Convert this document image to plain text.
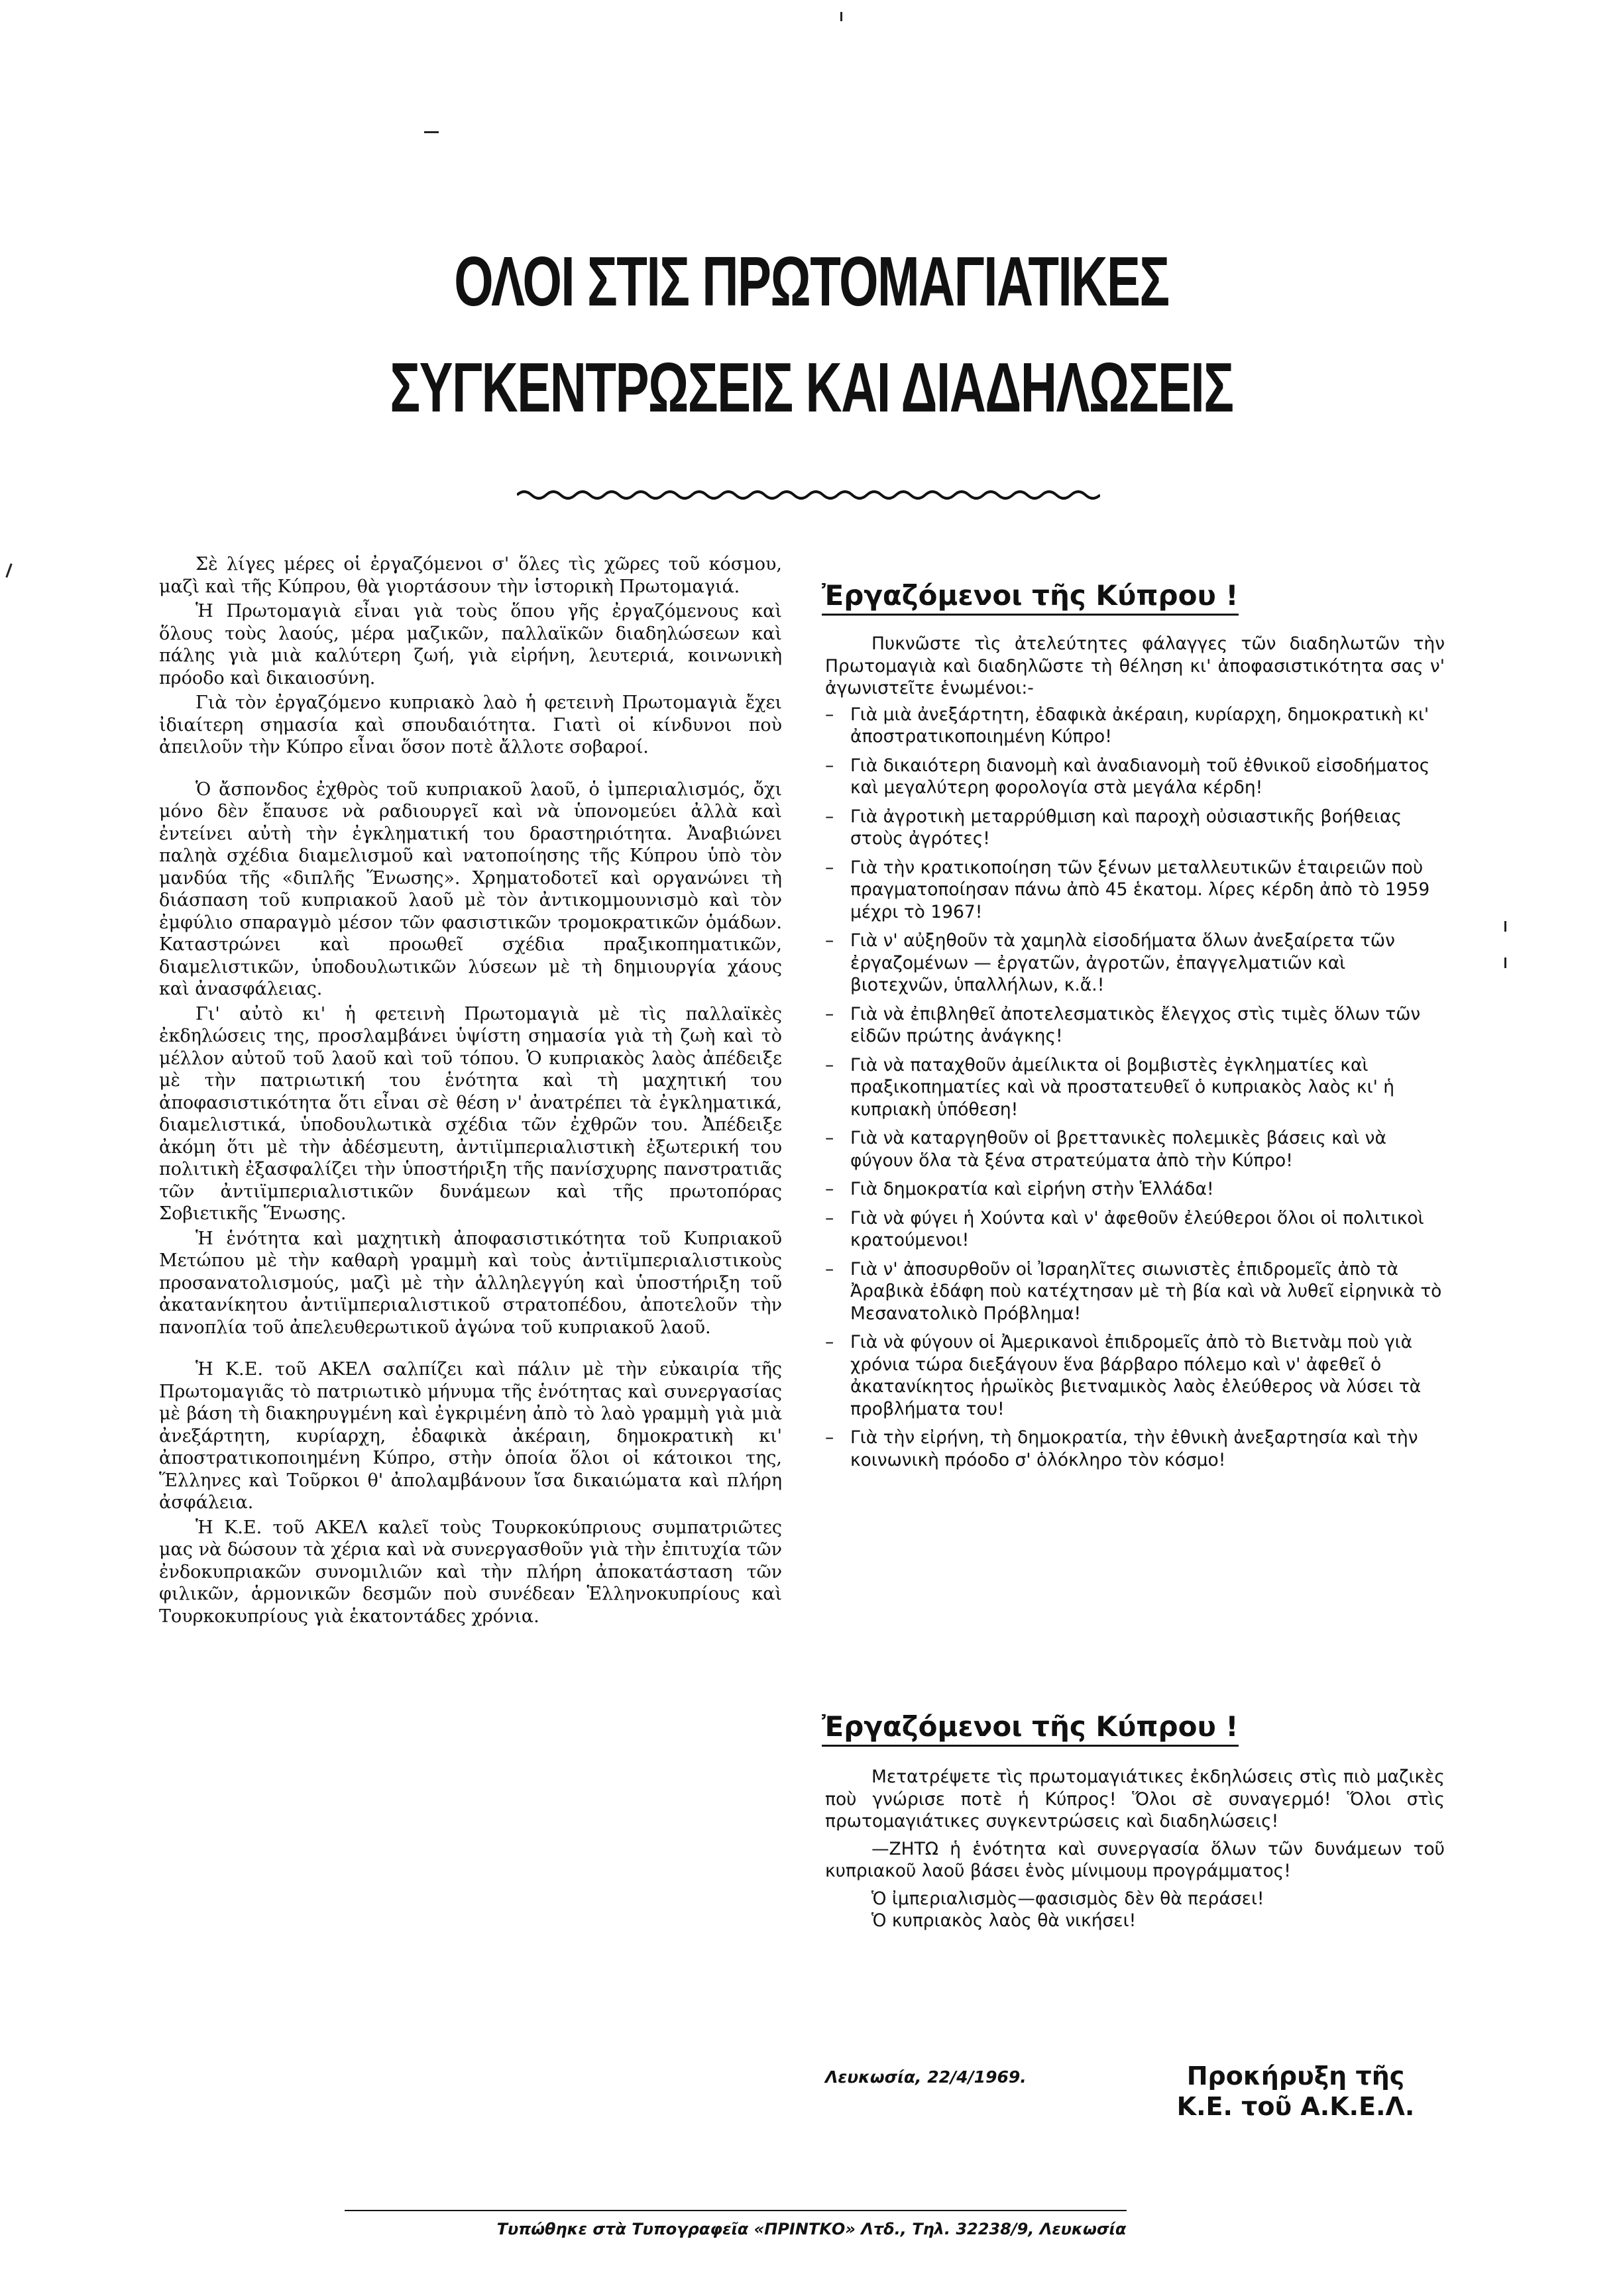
ΟΛΟΙ ΣΤΙΣ ΠΡΩΤΟΜΑΓΙΑΤΙΚΕΣ
ΣΥΓΚΕΝΤΡΩΣΕΙΣ ΚΑΙ ΔΙΑΔΗΛΩΣΕΙΣ

Σὲ λίγες μέρες οἱ ἐργαζόμενοι σ' ὅλες τὶς χῶρες τοῦ κόσμου, μαζὶ καὶ τῆς Κύπρου, θὰ γιορτάσουν τὴν ἱστορικὴ Πρωτομαγιά.

Ἡ Πρωτομαγιὰ εἶναι γιὰ τοὺς ὅπου γῆς ἐργαζόμενους καὶ ὅλους τοὺς λαούς, μέρα μαζικῶν, παλλαϊκῶν διαδηλώσεων καὶ πάλης γιὰ μιὰ καλύτερη ζωή, γιὰ εἰρήνη, λευτεριά, κοινωνικὴ πρόοδο καὶ δικαιοσύνη.

Γιὰ τὸν ἐργαζόμενο κυπριακὸ λαὸ ἡ φετεινὴ Πρωτομαγιὰ ἔχει ἰδιαίτερη σημασία καὶ σπουδαιότητα. Γιατὶ οἱ κίνδυνοι ποὺ ἀπειλοῦν τὴν Κύπρο εἶναι ὅσον ποτὲ ἄλλοτε σοβαροί.

Ὁ ἄσπονδος ἐχθρὸς τοῦ κυπριακοῦ λαοῦ, ὁ ἰμπεριαλισμός, ὄχι μόνο δὲν ἔπαυσε νὰ ραδιουργεῖ καὶ νὰ ὑπονομεύει ἀλλὰ καὶ ἐντείνει αὐτὴ τὴν ἐγκληματική του δραστηριότητα. Ἀναβιώνει παληὰ σχέδια διαμελισμοῦ καὶ νατοποίησης τῆς Κύπρου ὑπὸ τὸν μανδύα τῆς «διπλῆς Ἕνωσης». Χρηματοδοτεῖ καὶ οργανώνει τὴ διάσπαση τοῦ κυπριακοῦ λαοῦ μὲ τὸν ἀντικομμουνισμὸ καὶ τὸν ἐμφύλιο σπαραγμὸ μέσον τῶν φασιστικῶν τρομοκρατικῶν ὁμάδων. Καταστρώνει καὶ προωθεῖ σχέδια πραξικοπηματικῶν, διαμελιστικῶν, ὑποδουλωτικῶν λύσεων μὲ τὴ δημιουργία χάους καὶ ἀνασφάλειας.

Γι' αὐτὸ κι' ἡ φετεινὴ Πρωτομαγιὰ μὲ τὶς παλλαϊκὲς ἐκδηλώσεις της, προσλαμβάνει ὑψίστη σημασία γιὰ τὴ ζωὴ καὶ τὸ μέλλον αὐτοῦ τοῦ λαοῦ καὶ τοῦ τόπου. Ὁ κυπριακὸς λαὸς ἀπέδειξε μὲ τὴν πατριωτική του ἑνότητα καὶ τὴ μαχητική του ἀποφασιστικότητα ὅτι εἶναι σὲ θέση ν' ἀνατρέπει τὰ ἐγκληματικά, διαμελιστικά, ὑποδουλωτικὰ σχέδια τῶν ἐχθρῶν του. Ἀπέδειξε ἀκόμη ὅτι μὲ τὴν ἀδέσμευτη, ἀντιϊμπεριαλιστικὴ ἐξωτερική του πολιτικὴ ἐξασφαλίζει τὴν ὑποστήριξη τῆς πανίσχυρης πανστρατιᾶς τῶν ἀντιϊμπεριαλιστικῶν δυνάμεων καὶ τῆς πρωτοπόρας Σοβιετικῆς Ἕνωσης.

Ἡ ἑνότητα καὶ μαχητικὴ ἀποφασιστικότητα τοῦ Κυπριακοῦ Μετώπου μὲ τὴν καθαρὴ γραμμὴ καὶ τοὺς ἀντιϊμπεριαλιστικοὺς προσανατολισμούς, μαζὶ μὲ τὴν ἀλληλεγγύη καὶ ὑποστήριξη τοῦ ἀκατανίκητου ἀντιϊμπεριαλιστικοῦ στρατοπέδου, ἀποτελοῦν τὴν πανοπλία τοῦ ἀπελευθερωτικοῦ ἀγώνα τοῦ κυπριακοῦ λαοῦ.

Ἡ Κ.Ε. τοῦ ΑΚΕΛ σαλπίζει καὶ πάλιν μὲ τὴν εὐκαιρία τῆς Πρωτομαγιᾶς τὸ πατριωτικὸ μήνυμα τῆς ἑνότητας καὶ συνεργασίας μὲ βάση τὴ διακηρυγμένη καὶ ἐγκριμένη ἀπὸ τὸ λαὸ γραμμὴ γιὰ μιὰ ἀνεξάρτητη, κυρίαρχη, ἐδαφικὰ ἀκέραιη, δημοκρατικὴ κι' ἀποστρατικοποιημένη Κύπρο, στὴν ὁποία ὅλοι οἱ κάτοικοι της, Ἕλληνες καὶ Τοῦρκοι θ' ἀπολαμβάνουν ἴσα δικαιώματα καὶ πλήρη ἀσφάλεια.

Ἡ Κ.Ε. τοῦ ΑΚΕΛ καλεῖ τοὺς Τουρκοκύπριους συμπατριῶτες μας νὰ δώσουν τὰ χέρια καὶ νὰ συνεργασθοῦν γιὰ τὴν ἐπιτυχία τῶν ἐνδοκυπριακῶν συνομιλιῶν καὶ τὴν πλήρη ἀποκατάσταση τῶν φιλικῶν, ἁρμονικῶν δεσμῶν ποὺ συνέδεαν Ἑλληνοκυπρίους καὶ Τουρκοκυπρίους γιὰ ἑκατοντάδες χρόνια.

Ἐργαζόμενοι τῆς Κύπρου !

Πυκνῶστε τὶς ἀτελεύτητες φάλαγγες τῶν διαδηλωτῶν τὴν Πρωτομαγιὰ καὶ διαδηλῶστε τὴ θέληση κι' ἀποφασιστικότητα σας ν' ἀγωνιστεῖτε ἑνωμένοι:-

– Γιὰ μιὰ ἀνεξάρτητη, ἐδαφικὰ ἀκέραιη, κυρίαρχη, δημοκρατικὴ κι' ἀποστρατικοποιημένη Κύπρο!
– Γιὰ δικαιότερη διανομὴ καὶ ἀναδιανομὴ τοῦ ἐθνικοῦ εἰσοδήματος καὶ μεγαλύτερη φορολογία στὰ μεγάλα κέρδη!
– Γιὰ ἀγροτικὴ μεταρρύθμιση καὶ παροχὴ οὐσιαστικῆς βοήθειας στοὺς ἀγρότες!
– Γιὰ τὴν κρατικοποίηση τῶν ξένων μεταλλευτικῶν ἑταιρειῶν ποὺ πραγματοποίησαν πάνω ἀπὸ 45 ἑκατομ. λίρες κέρδη ἀπὸ τὸ 1959 μέχρι τὸ 1967!
– Γιὰ ν' αὐξηθοῦν τὰ χαμηλὰ εἰσοδήματα ὅλων ἀνεξαίρετα τῶν ἐργαζομένων — ἐργατῶν, ἀγροτῶν, ἐπαγγελματιῶν καὶ βιοτεχνῶν, ὑπαλλήλων, κ.ἄ.!
– Γιὰ νὰ ἐπιβληθεῖ ἀποτελεσματικὸς ἔλεγχος στὶς τιμὲς ὅλων τῶν εἰδῶν πρώτης ἀνάγκης!
– Γιὰ νὰ παταχθοῦν ἀμείλικτα οἱ βομβιστὲς ἐγκληματίες καὶ πραξικοπηματίες καὶ νὰ προστατευθεῖ ὁ κυπριακὸς λαὸς κι' ἡ κυπριακὴ ὑπόθεση!
– Γιὰ νὰ καταργηθοῦν οἱ βρεττανικὲς πολεμικὲς βάσεις καὶ νὰ φύγουν ὅλα τὰ ξένα στρατεύματα ἀπὸ τὴν Κύπρο!
– Γιὰ δημοκρατία καὶ εἰρήνη στὴν Ἑλλάδα!
– Γιὰ νὰ φύγει ἡ Χούντα καὶ ν' ἀφεθοῦν ἐλεύθεροι ὅλοι οἱ πολιτικοὶ κρατούμενοι!
– Γιὰ ν' ἀποσυρθοῦν οἱ Ἰσραηλῖτες σιωνιστὲς ἐπιδρομεῖς ἀπὸ τὰ Ἀραβικὰ ἐδάφη ποὺ κατέχτησαν μὲ τὴ βία καὶ νὰ λυθεῖ εἰρηνικὰ τὸ Μεσανατολικὸ Πρόβλημα!
– Γιὰ νὰ φύγουν οἱ Ἀμερικανοὶ ἐπιδρομεῖς ἀπὸ τὸ Βιετνὰμ ποὺ γιὰ χρόνια τώρα διεξάγουν ἕνα βάρβαρο πόλεμο καὶ ν' ἀφεθεῖ ὁ ἀκατανίκητος ἡρωϊκὸς βιετναμικὸς λαὸς ἐλεύθερος νὰ λύσει τὰ προβλήματα του!
– Γιὰ τὴν εἰρήνη, τὴ δημοκρατία, τὴν ἐθνικὴ ἀνεξαρτησία καὶ τὴν κοινωνικὴ πρόοδο σ' ὁλόκληρο τὸν κόσμο!
Ἐργαζόμενοι τῆς Κύπρου !

Μετατρέψετε τὶς πρωτομαγιάτικες ἐκδηλώσεις στὶς πιὸ μαζικὲς ποὺ γνώρισε ποτὲ ἡ Κύπρος! Ὅλοι σὲ συναγερμό! Ὅλοι στὶς πρωτομαγιάτικες συγκεντρώσεις καὶ διαδηλώσεις!

—ΖΗΤΩ ἡ ἑνότητα καὶ συνεργασία ὅλων τῶν δυνάμεων τοῦ κυπριακοῦ λαοῦ βάσει ἑνὸς μίνιμουμ προγράμματος!

Ὁ ἰμπεριαλισμὸς—φασισμὸς δὲν θὰ περάσει!

Ὁ κυπριακὸς λαὸς θὰ νικήσει!

Λευκωσία, 22/4/1969.	Προκήρυξη τῆς
Κ.Ε. τοῦ Α.Κ.Ε.Λ.
Τυπώθηκε στὰ Τυπογραφεῖα «ΠΡΙΝΤΚΟ» Λτδ., Τηλ. 32238/9, Λευκωσία
